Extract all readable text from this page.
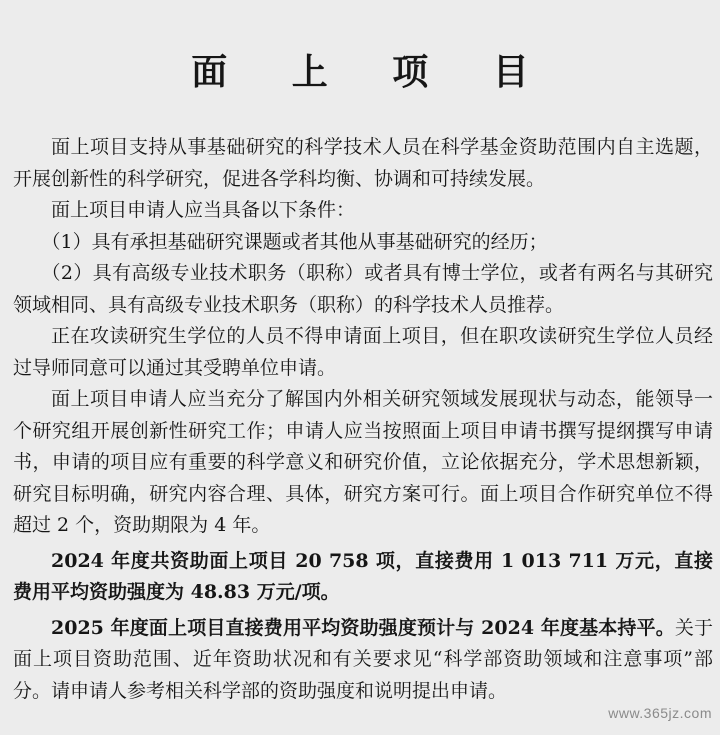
面 上 项 目

面上项目支持从事基础研究的科学技术人员在科学基金资助范围内自主选题，开展创新性的科学研究，促进各学科均衡、协调和可持续发展。

面上项目申请人应当具备以下条件：

（1）具有承担基础研究课题或者其他从事基础研究的经历；

（2）具有高级专业技术职务（职称）或者具有博士学位，或者有两名与其研究领域相同、具有高级专业技术职务（职称）的科学技术人员推荐。

正在攻读研究生学位的人员不得申请面上项目，但在职攻读研究生学位人员经过导师同意可以通过其受聘单位申请。

面上项目申请人应当充分了解国内外相关研究领域发展现状与动态，能领导一个研究组开展创新性研究工作；申请人应当按照面上项目申请书撰写提纲撰写申请书，申请的项目应有重要的科学意义和研究价值，立论依据充分，学术思想新颖，研究目标明确，研究内容合理、具体，研究方案可行。面上项目合作研究单位不得超过 2 个，资助期限为 4 年。

2024 年度共资助面上项目 20 758 项，直接费用 1 013 711 万元，直接费用平均资助强度为 48.83 万元/项。

2025 年度面上项目直接费用平均资助强度预计与 2024 年度基本持平。关于面上项目资助范围、近年资助状况和有关要求见“科学部资助领域和注意事项”部分。请申请人参考相关科学部的资助强度和说明提出申请。

www.365jz.com
